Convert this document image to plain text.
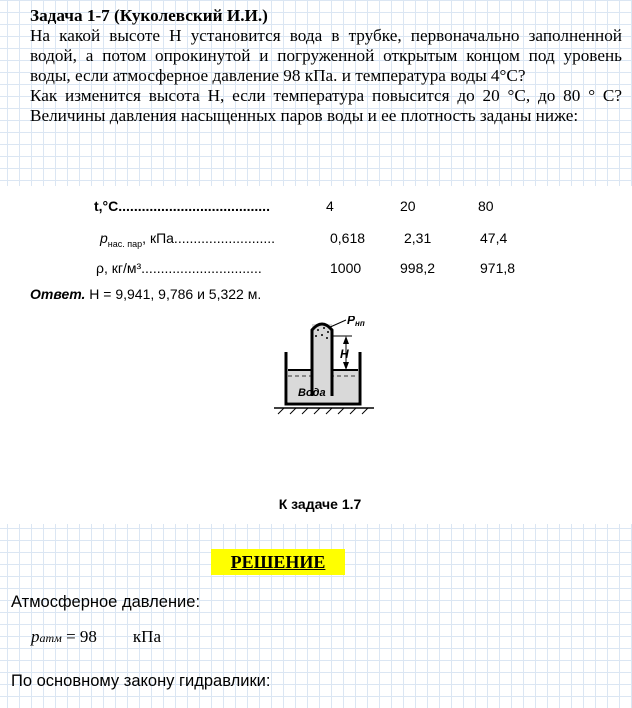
Задача 1-7 (Куколевский И.И.)

На какой высоте H установится вода в трубке, первоначально заполненной водой, а потом опрокинутой и погруженной открытым концом под уровень воды, если атмосферное давление 98 кПа. и температура воды 4°С?

Как изменится высота H, если температура повысится до 20 °C, до 80 ° С? Величины давления насыщенных паров воды и ее плотность заданы ниже:

t,°С.......................................	4	20	80
$p_{нас. пар}$, кПа..........................	0,618	2,31	47,4
ρ, кг/м³...............................	1000	998,2	971,8
Ответ. H = 9,941, 9,786 и 5,322 м.
H
Pнп
Вода
К задаче 1.7
РЕШЕНИЕ
Атмосферное давление:
pатм = 98 кПа
По основному закону гидравлики:
